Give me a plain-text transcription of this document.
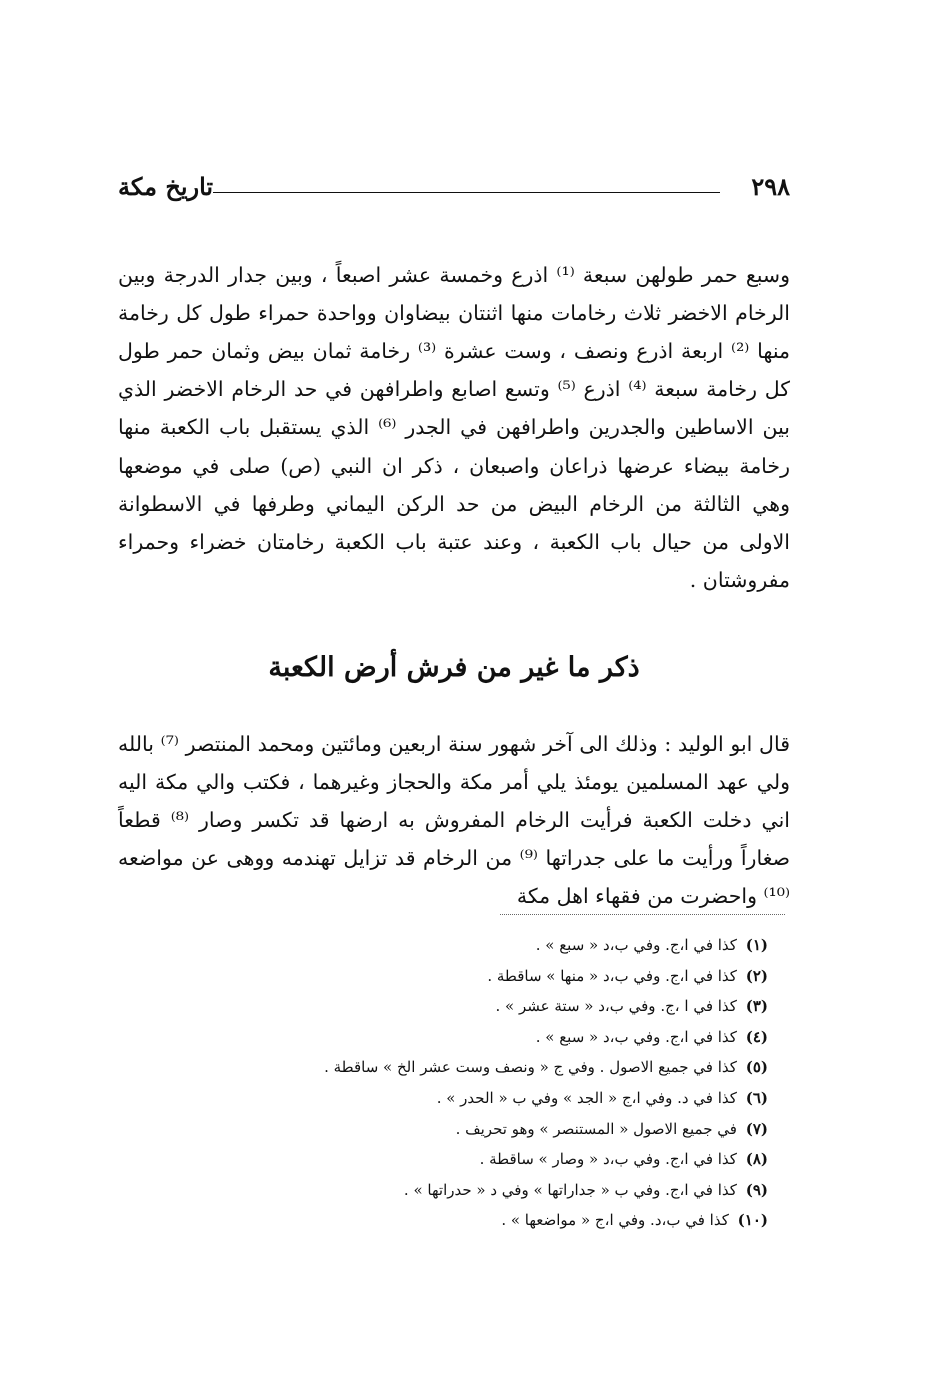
٢٩٨
تاريخ مكة

وسبع حمر طولهن سبعة ⁽¹⁾ اذرع وخمسة عشر اصبعاً ، وبين جدار الدرجة وبين الرخام الاخضر ثلاث رخامات منها اثنتان بيضاوان وواحدة حمراء طول كل رخامة منها ⁽²⁾ اربعة اذرع ونصف ، وست عشرة ⁽³⁾ رخامة ثمان بيض وثمان حمر طول كل رخامة سبعة ⁽⁴⁾ اذرع ⁽⁵⁾ وتسع اصابع واطرافهن في حد الرخام الاخضر الذي بين الاساطين والجدرين واطرافهن في الجدر ⁽⁶⁾ الذي يستقبل باب الكعبة منها رخامة بيضاء عرضها ذراعان واصبعان ، ذكر ان النبي (ص) صلى في موضعها وهي الثالثة من الرخام البيض من حد الركن اليماني وطرفها في الاسطوانة الاولى من حيال باب الكعبة ، وعند عتبة باب الكعبة رخامتان خضراء وحمراء مفروشتان .

ذكر ما غير من فرش أرض الكعبة

قال ابو الوليد : وذلك الى آخر شهور سنة اربعين ومائتين ومحمد المنتصر ⁽⁷⁾ بالله ولي عهد المسلمين يومئذ يلي أمر مكة والحجاز وغيرهما ، فكتب والي مكة اليه اني دخلت الكعبة فرأيت الرخام المفروش به ارضها قد تكسر وصار ⁽⁸⁾ قطعاً صغاراً ورأيت ما على جدراتها ⁽⁹⁾ من الرخام قد تزايل تهندمه ووهى عن مواضعه ⁽¹⁰⁾ واحضرت من فقهاء اهل مكة

(١) كذا في ا،ج. وفي ب،د « سبع » .
(٢) كذا في ا،ج. وفي ب،د « منها » ساقطة .
(٣) كذا في ا ،ج. وفي ب،د « ستة عشر » .
(٤) كذا في ا،ج. وفي ب،د « سبع » .
(٥) كذا في جميع الاصول . وفي ج « ونصف وست عشر الخ » ساقطة .
(٦) كذا في د. وفي ا،ج « الجد » وفي ب « الحدر » .
(٧) في جميع الاصول « المستنصر » وهو تحريف .
(٨) كذا في ا،ج. وفي ب،د « وصار » ساقطة .
(٩) كذا في ا،ج. وفي ب « جداراتها » وفي د « حدراتها » .
(١٠) كذا في ب،د. وفي ا،ج « مواضعها » .
